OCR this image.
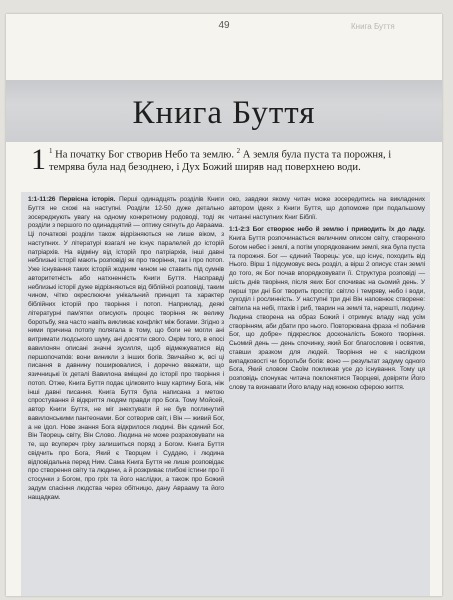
49	Книга Буття
Книга Буття
1 $^1$ На початку Бог створив Небо та землю. $^2$ А земля була пуста та порожня, і темрява була над безоднею, і Дух Божий ширяв над поверхнею води.

1:1-11:26 Первісна історія. Перші одинадцять розділів Книги Буття не схожі на наступні. Розділи 12-50 дуже детально зосереджують увагу на одному конкретному родоводі, тоді як розділи з першого по одинадцятий — оптику сягнуть до Авраама. Ці початкові розділи також відрізняються не лише віком, з наступних. У літературі взагалі не існує паралелей до історій патріархів. На відміну від історій про патріархів, інші давні неблизькі історії мають розповіді як про творіння, так і про потоп. Уже існування таких історій жодним чином не ставить під сумнів авторитетність або натхненність Книги Буття. Насправді неблизькі історії дуже відрізняються від біблійної розповіді, таким чином, чітко окреслюючи унікальний принцип та характер біблійних історій про творіння і потоп. Наприклад, деякі літературні пам'ятки описують процес творіння як велику боротьбу, яка часто навіть викликає конфлікт між богами. Згідно з ними причина потопу полягала в тому, що боги не могли ані витримати людського шуму, ані досягти свого. Окрім того, в епосі вавилонян описані значні зусилля, щоб відмежуватися від першопочатків: вони виникли з інших богів. Звичайно ж, всі ці писання в давнину поширювалися, і доречно вважати, що язичницькі їх деталі Вавилона вміщені до історії про творіння і потоп. Отже, Книга Буття подає цілковито іншу картину Бога, ніж інші давні писання. Книга Буття була написана з метою спростування й відкриття людям правди про Бога. Тому Мойсей, автор Книги Буття, не міг знехтувати й не був поглинутий вавилонськими пантеонами. Бог сотворив світ, і Він — живий Бог, а не ідол. Нове знання Бога відкрилося людині. Він єдиний Бог, Він Творець світу, Він Слово. Людина не може розраховувати на те, що всупереч гріху залишиться поряд з Богом. Книга Буття свідчить про Бога, Який є Творцем і Суддею, і людина відповідальна перед Ним. Сама Книга Буття не лише розповідає про створення світу та людини, а й розкриває глибокі істини про її стосунки з Богом, про гріх та його наслідки, а також про Божий задум спасіння людства через обітницю, дану Аврааму та його нащадкам.

око, завдяки якому читач може зосередитись на викладених автором ідеях з Книги Буття, що допоможе при подальшому читанні наступних Книг Біблії.

1:1-2:3 Бог створює небо й землю і приводить їх до ладу. Книга Буття розпочинається величним описом світу, створеного Богом небес і землі, а потім упорядкованим землі, яка була пуста та порожня. Бог — єдиний Творець: усе, що існує, походить від Нього. Вірш 1 підсумовує весь розділ, а вірш 2 описує стан землі до того, як Бог почав впорядковувати її. Структура розповіді — шість днів творіння, після яких Бог спочиває на сьомий день. У перші три дні Бог творить простір: світло і темряву, небо і води, суходіл і рослинність. У наступні три дні Він наповнює створене: світила на небі, птахів і риб, тварин на землі та, нарешті, людину. Людина створена на образ Божий і отримує владу над усім створінням, аби дбати про нього. Повторювана фраза «І побачив Бог, що добре» підкреслює досконалість Божого творіння. Сьомий день — день спочинку, який Бог благословив і освятив, ставши зразком для людей. Творіння не є наслідком випадковості чи боротьби богів: воно — результат задуму одного Бога, Який словом Своїм покликав усе до існування. Тому ця розповідь спонукає читача поклонятися Творцеві, довіряти Його слову та визнавати Його владу над кожною сферою життя.
